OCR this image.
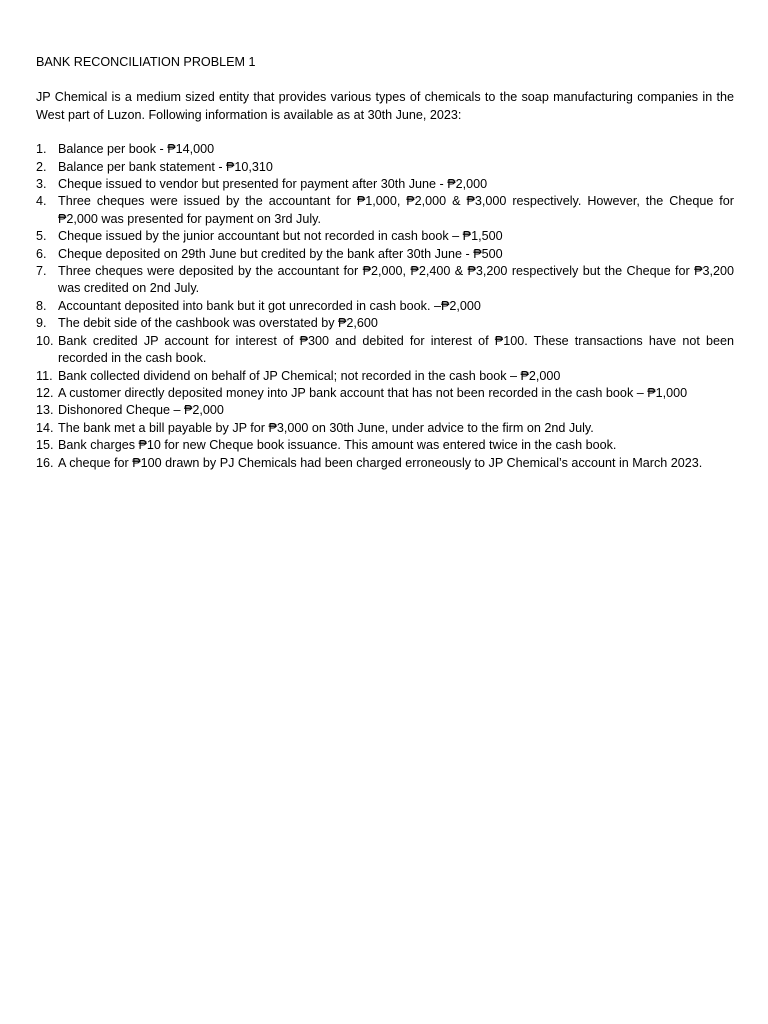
BANK RECONCILIATION PROBLEM 1

JP Chemical is a medium sized entity that provides various types of chemicals to the soap manufacturing companies in the West part of Luzon. Following information is available as at 30th June, 2023:

1. Balance per book - ₱14,000
2. Balance per bank statement - ₱10,310
3. Cheque issued to vendor but presented for payment after 30th June - ₱2,000
4. Three cheques were issued by the accountant for ₱1,000, ₱2,000 & ₱3,000 respectively. However, the Cheque for ₱2,000 was presented for payment on 3rd July.
5. Cheque issued by the junior accountant but not recorded in cash book – ₱1,500
6. Cheque deposited on 29th June but credited by the bank after 30th June - ₱500
7. Three cheques were deposited by the accountant for ₱2,000, ₱2,400 & ₱3,200 respectively but the Cheque for ₱3,200 was credited on 2nd July.
8. Accountant deposited into bank but it got unrecorded in cash book. –₱2,000
9. The debit side of the cashbook was overstated by ₱2,600
10. Bank credited JP account for interest of ₱300 and debited for interest of ₱100. These transactions have not been recorded in the cash book.
11. Bank collected dividend on behalf of JP Chemical; not recorded in the cash book – ₱2,000
12. A customer directly deposited money into JP bank account that has not been recorded in the cash book – ₱1,000
13. Dishonored Cheque – ₱2,000
14. The bank met a bill payable by JP for ₱3,000 on 30th June, under advice to the firm on 2nd July.
15. Bank charges ₱10 for new Cheque book issuance. This amount was entered twice in the cash book.
16. A cheque for ₱100 drawn by PJ Chemicals had been charged erroneously to JP Chemical’s account in March 2023.
